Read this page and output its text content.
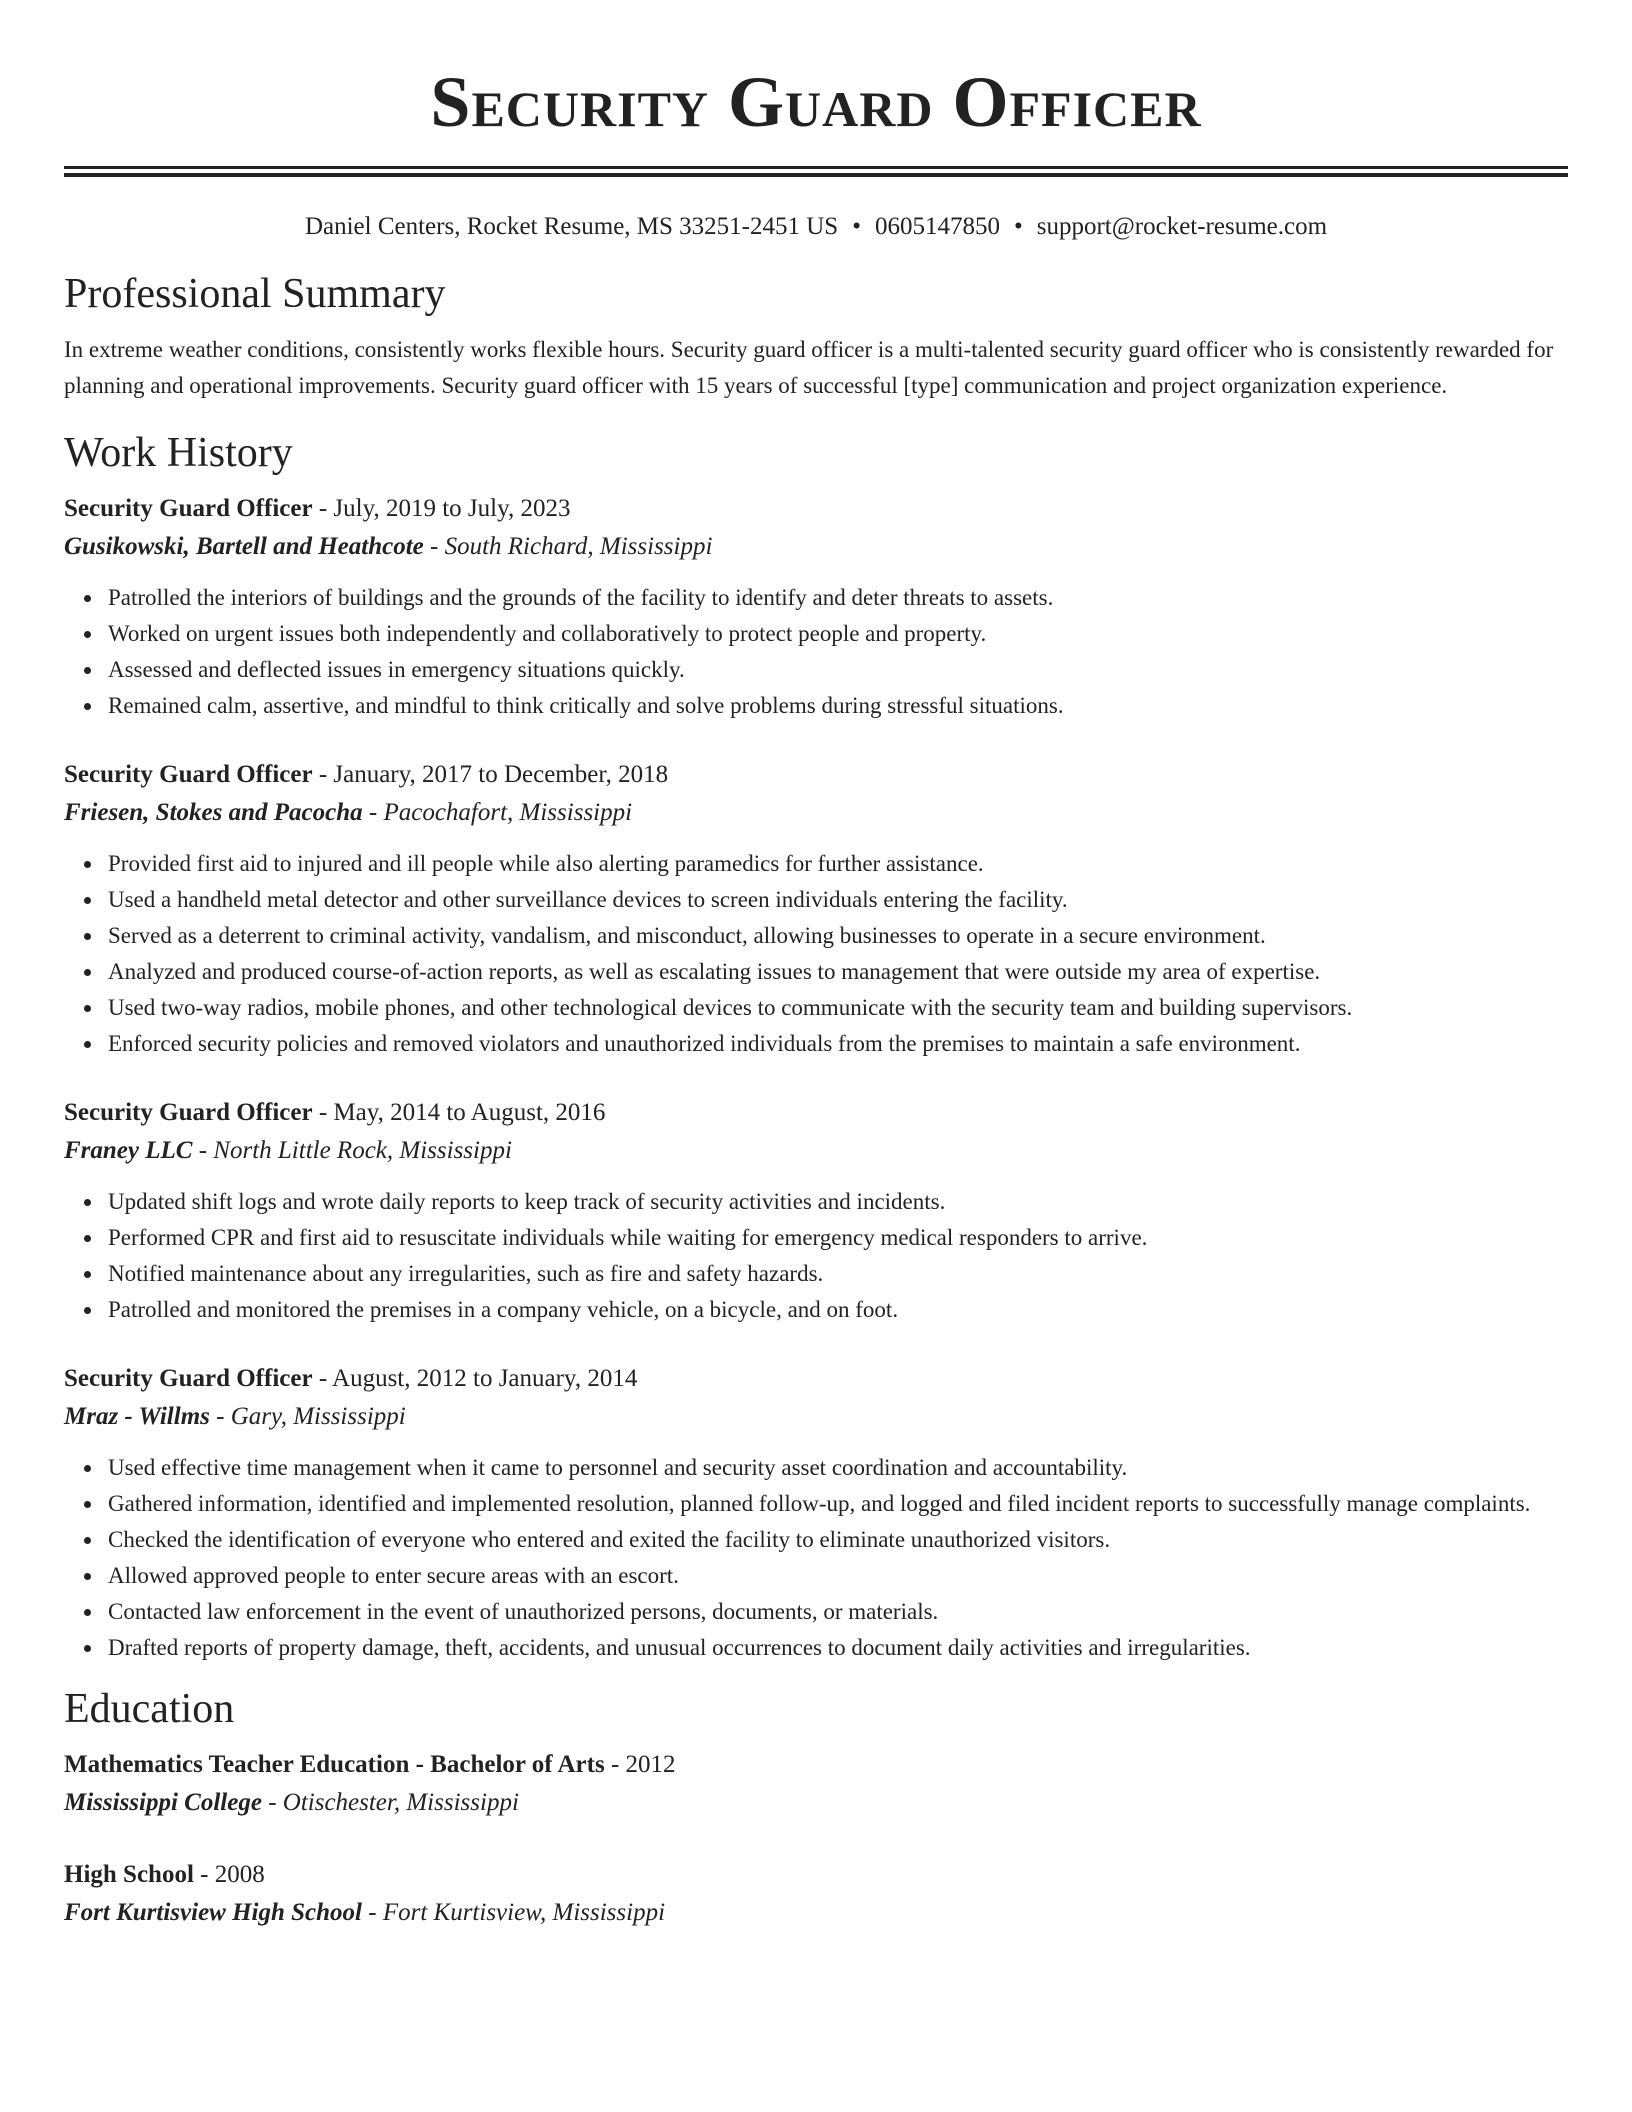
Security Guard Officer
Daniel Centers, Rocket Resume, MS 33251-2451 US • 0605147850 • support@rocket-resume.com
Professional Summary

In extreme weather conditions, consistently works flexible hours. Security guard officer is a multi-talented security guard officer who is consistently rewarded for planning and operational improvements. Security guard officer with 15 years of successful [type] communication and project organization experience.

Work History
Security Guard Officer - July, 2019 to July, 2023
Gusikowski, Bartell and Heathcote - South Richard, Mississippi
Patrolled the interiors of buildings and the grounds of the facility to identify and deter threats to assets.
Worked on urgent issues both independently and collaboratively to protect people and property.
Assessed and deflected issues in emergency situations quickly.
Remained calm, assertive, and mindful to think critically and solve problems during stressful situations.
Security Guard Officer - January, 2017 to December, 2018
Friesen, Stokes and Pacocha - Pacochafort, Mississippi
Provided first aid to injured and ill people while also alerting paramedics for further assistance.
Used a handheld metal detector and other surveillance devices to screen individuals entering the facility.
Served as a deterrent to criminal activity, vandalism, and misconduct, allowing businesses to operate in a secure environment.
Analyzed and produced course-of-action reports, as well as escalating issues to management that were outside my area of expertise.
Used two-way radios, mobile phones, and other technological devices to communicate with the security team and building supervisors.
Enforced security policies and removed violators and unauthorized individuals from the premises to maintain a safe environment.
Security Guard Officer - May, 2014 to August, 2016
Franey LLC - North Little Rock, Mississippi
Updated shift logs and wrote daily reports to keep track of security activities and incidents.
Performed CPR and first aid to resuscitate individuals while waiting for emergency medical responders to arrive.
Notified maintenance about any irregularities, such as fire and safety hazards.
Patrolled and monitored the premises in a company vehicle, on a bicycle, and on foot.
Security Guard Officer - August, 2012 to January, 2014
Mraz - Willms - Gary, Mississippi
Used effective time management when it came to personnel and security asset coordination and accountability.
Gathered information, identified and implemented resolution, planned follow-up, and logged and filed incident reports to successfully manage complaints.
Checked the identification of everyone who entered and exited the facility to eliminate unauthorized visitors.
Allowed approved people to enter secure areas with an escort.
Contacted law enforcement in the event of unauthorized persons, documents, or materials.
Drafted reports of property damage, theft, accidents, and unusual occurrences to document daily activities and irregularities.
Education
Mathematics Teacher Education - Bachelor of Arts - 2012
Mississippi College - Otischester, Mississippi
High School - 2008
Fort Kurtisview High School - Fort Kurtisview, Mississippi
